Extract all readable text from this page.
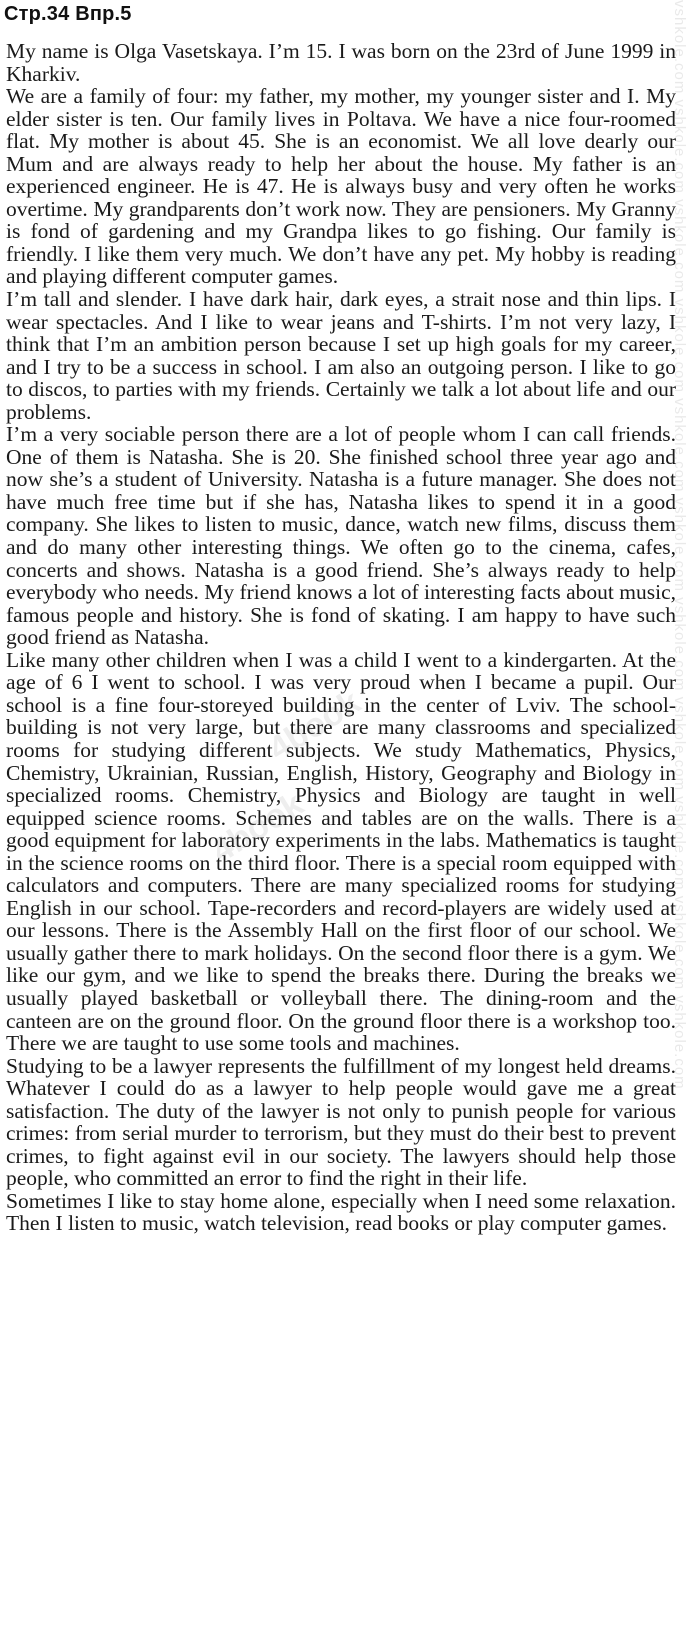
Стр.34 Впр.5

My name is Olga Vasetskaya. I’m 15. I was born on the 23rd of June 1999 in Kharkiv.

We are a family of four: my father, my mother, my younger sister and I. My elder sister is ten. Our family lives in Poltava. We have a nice four-roomed flat. My mother is about 45. She is an economist. We all love dearly our Mum and are always ready to help her about the house. My father is an experienced engineer. He is 47. He is always busy and very often he works overtime. My grandparents don’t work now. They are pensioners. My Granny is fond of gardening and my Grandpa likes to go fishing. Our family is friendly. I like them very much. We don’t have any pet. My hobby is reading and playing different computer games.

I’m tall and slender. I have dark hair, dark eyes, a strait nose and thin lips. I wear spectacles. And I like to wear jeans and T-shirts. I’m not very lazy, I think that I’m an ambition person because I set up high goals for my career, and I try to be a success in school. I am also an outgoing person. I like to go to discos, to parties with my friends. Certainly we talk a lot about life and our problems.

I’m a very sociable person there are a lot of people whom I can call friends. One of them is Natasha. She is 20. She finished school three year ago and now she’s a student of University. Natasha is a future manager. She does not have much free time but if she has, Natasha likes to spend it in a good company. She likes to listen to music, dance, watch new films, discuss them and do many other interesting things. We often go to the cinema, cafes, concerts and shows. Natasha is a good friend. She’s always ready to help everybody who needs. My friend knows a lot of interesting facts about music, famous people and history. She is fond of skating. I am happy to have such good friend as Natasha.

Like many other children when I was a child I went to a kindergarten. At the age of 6 I went to school. I was very proud when I became a pupil. Our school is a fine four-storeyed building in the center of Lviv. The school-building is not very large, but there are many classrooms and specialized rooms for studying different subjects. We study Mathematics, Physics, Chemistry, Ukrainian, Russian, English, History, Geography and Biology in specialized rooms. Chemistry, Physics and Biology are taught in well equipped science rooms. Schemes and tables are on the walls. There is a good equipment for laboratory experiments in the labs. Mathematics is taught in the science rooms on the third floor. There is a special room equipped with calculators and computers. There are many specialized rooms for studying English in our school. Tape-recorders and record-players are widely used at our lessons. There is the Assembly Hall on the first floor of our school. We usually gather there to mark holidays. On the second floor there is a gym. We like our gym, and we like to spend the breaks there. During the breaks we usually played basketball or volleyball there. The dining-room and the canteen are on the ground floor. On the ground floor there is a workshop too. There we are taught to use some tools and machines.

Studying to be a lawyer represents the fulfillment of my longest held dreams. Whatever I could do as a lawyer to help people would gave me a great satisfaction. The duty of the lawyer is not only to punish people for various crimes: from serial murder to terrorism, but they must do their best to prevent crimes, to fight against evil in our society. The lawyers should help those people, who committed an error to find the right in their life.

Sometimes I like to stay home alone, especially when I need some relaxation. Then I listen to music, watch television, read books or play computer games.

vshkole.com vshkole.com vshkole.com vshkole.com vshkole.com vshkole.com vshkole.com vshkole.com vshkole.com vshkole.com vshkole.com
4book
4book
